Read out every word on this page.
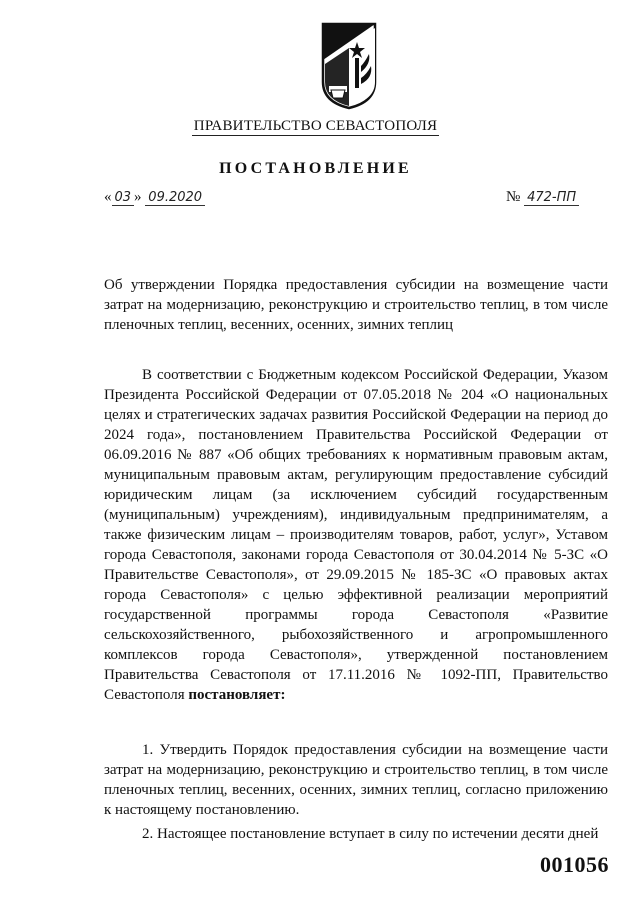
ПРАВИТЕЛЬСТВО СЕВАСТОПОЛЯ
ПОСТАНОВЛЕНИЕ
« 03 » 09.2020	№ 472-ПП
Об утверждении Порядка предоставления субсидии на возмещение части затрат на модернизацию, реконструкцию и строительство теплиц, в том числе пленочных теплиц, весенних, осенних, зимних теплиц
В соответствии с Бюджетным кодексом Российской Федерации, Указом Президента Российской Федерации от 07.05.2018 № 204 «О национальных целях и стратегических задачах развития Российской Федерации на период до 2024 года», постановлением Правительства Российской Федерации от 06.09.2016 № 887 «Об общих требованиях к нормативным правовым актам, муниципальным правовым актам, регулирующим предоставление субсидий юридическим лицам (за исключением субсидий государственным (муниципальным) учреждениям), индивидуальным предпринимателям, а также физическим лицам – производителям товаров, работ, услуг», Уставом города Севастополя, законами города Севастополя от 30.04.2014 № 5-ЗС «О Правительстве Севастополя», от 29.09.2015 № 185-ЗС «О правовых актах города Севастополя» с целью эффективной реализации мероприятий государственной программы города Севастополя «Развитие сельскохозяйственного, рыбохозяйственного и агропромышленного комплексов города Севастополя», утвержденной постановлением Правительства Севастополя от 17.11.2016 № 1092-ПП, Правительство Севастополя постановляет:

1. Утвердить Порядок предоставления субсидии на возмещение части затрат на модернизацию, реконструкцию и строительство теплиц, в том числе пленочных теплиц, весенних, осенних, зимних теплиц, согласно приложению к настоящему постановлению.

2. Настоящее постановление вступает в силу по истечении десяти дней

001056
